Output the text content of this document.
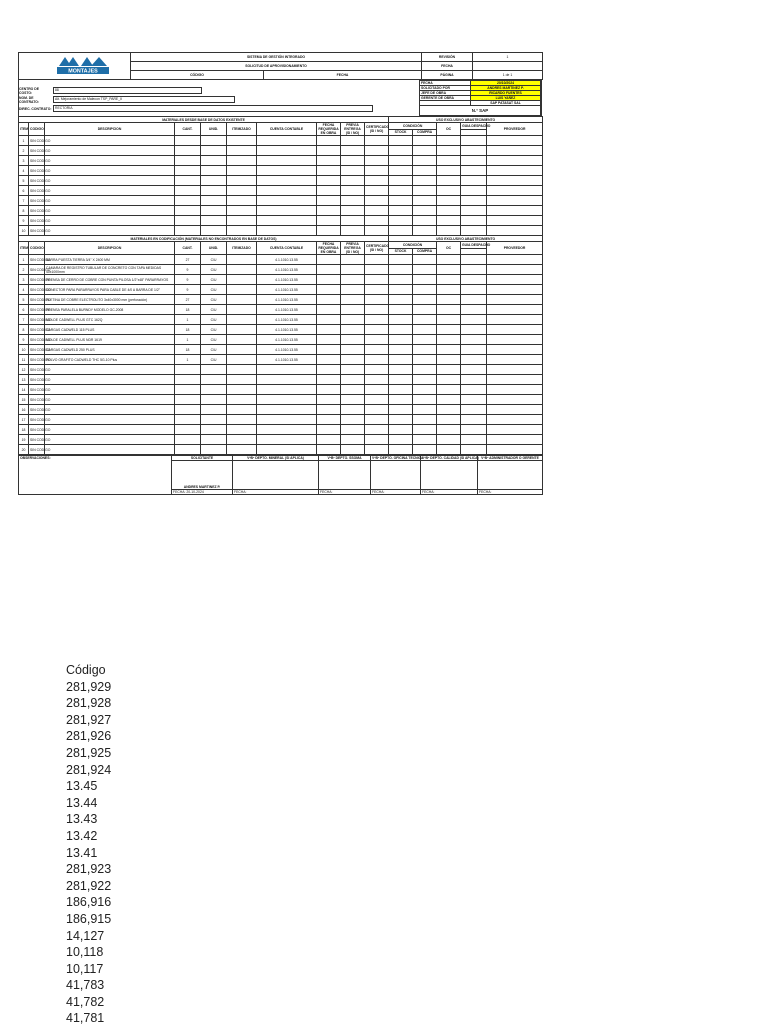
MONTAJES	SISTEMA DE GESTIÓN INTEGRADO		REVISIÓN	1
	SOLICITUD DE APROVISIONAMIENTO		FECHA	
	CÓDIGO	FECHA	PÁGINA	1 de 1
CENTRO DE COSTO:
88
NOM. DE CONTRATO:
Alt. Mejoramiento de Malecon TSP_PARE_II
DIREC. CONTRATO:	RECTORIA
FECHA	20/10/2024
SOLICITADO POR	ANDRES MARTINEZ P.
JEFE DE OBRA	RICARDO FUENTES
GERENTE DE OBRA	LUIS YAÑEZ
	SAP PATASAT SAL
N.° SAP	
MATERIALES DESDE BASE DE DATOS EXISTENTE										USO EXCLUSIVO ABASTECIMIENTO				
ITEM	CODIGO	DESCRIPCION	CANT.	UNID.	ITEMIZADO	CUENTA CONTABLE	FECHA REQUERIDA EN OBRA	PREVIA ENTREGA (SI / NO)	CERTIFICADO (SI / NO)	CONDICIÓN		OC	GUIA DESPACHO	PROVEEDOR
										STOCK	COMPRA			
1	SIN CODIGO													
2	SIN CODIGO													
3	SIN CODIGO													
4	SIN CODIGO													
5	SIN CODIGO													
6	SIN CODIGO													
7	SIN CODIGO													
8	SIN CODIGO													
9	SIN CODIGO													
10	SIN CODIGO													
MATERIALES EN CODIFICACIÓN (MATERIALES NO ENCONTRADOS EN BASE DE DATOS)										USO EXCLUSIVO ABASTECIMIENTO				
ITEM	CODIGO	DESCRIPCION	CANT.	UNID.	ITEMIZADO	CUENTA CONTABLE	FECHA REQUERIDA EN OBRA	PREVIA ENTREGA (SI / NO)	CERTIFICADO (SI / NO)	CONDICIÓN		OC	GUIA DESPACHO	PROVEEDOR
										STOCK	COMPRA			
1	SIN CODIGO	BARRA PUESTA TIERRA 3/4" X 2400 MM	27	C/U		4.1.1010.13.55								
2	SIN CODIGO	CAMARA DE REGISTRO TUBULAR DE CONCRETO CON TAPA MEDIDAS 40x1000mm	9	C/U		4.1.1010.13.55								
3	SIN CODIGO	PRENSA DE CERRO DE COBRE CON PUNTA PILOSA 1/2"x48" PARARRAYOS	9	C/U		4.1.1010.13.55								
4	SIN CODIGO	CONECTOR PARA PARARRAYOS PARA CABLE DE 4/0 A BARRA DE 1/2"	9	C/U		4.1.1010.13.55								
5	SIN CODIGO	PLETINA DE COBRE ELECTROLITO 3x40x3000 mm (perforación)	27	C/U		4.1.1010.13.55								
6	SIN CODIGO	PRENSA PARALELA BURNDY MODELO GC-2008	18	C/U		4.1.1010.13.55								
7	SIN CODIGO	MOLDE CADWELL PLUS GTC 162Q	1	C/U		4.1.1010.13.55								
8	SIN CODIGO	CARGAS CADWELD 115 PLUS	18	C/U		4.1.1010.13.55								
9	SIN CODIGO	MOLDE CADWELL PLUS NDR 1619	1	C/U		4.1.1010.13.55								
10	SIN CODIGO	CARGAS CADWELD 250 PLUS	18	C/U		4.1.1010.13.55								
11	SIN CODIGO	POLVO GRAFITO CADWELD THC 5G-10 Plus	1	C/U		4.1.1010.13.55								
12	SIN CODIGO													
13	SIN CODIGO													
14	SIN CODIGO													
15	SIN CODIGO													
16	SIN CODIGO													
17	SIN CODIGO													
18	SIN CODIGO													
19	SIN CODIGO													
20	SIN CODIGO													
OBSERVACIONES:	SOLICITANTE	VºBº DEPTO. MINERAL (SI APLICA)	VºBº DEPTO. SSOMA	VºBº DEPTO. OFICINA TECNICA	VºBº DEPTO. CALIDAD (SI APLICA)	VºBº ADMINISTRADOR O GERENTE

	ANDRES MARTINEZ P.					

	FECHA: 20-10-2024	FECHA:	FECHA:	FECHA:	FECHA:	FECHA:
Código
281,929
281,928
281,927
281,926
281,925
281,924
13.45
13.44
13.43
13.42
13.41
281,923
281,922
186,916
186,915
14,127
10,118
10,117
41,783
41,782
41,781
